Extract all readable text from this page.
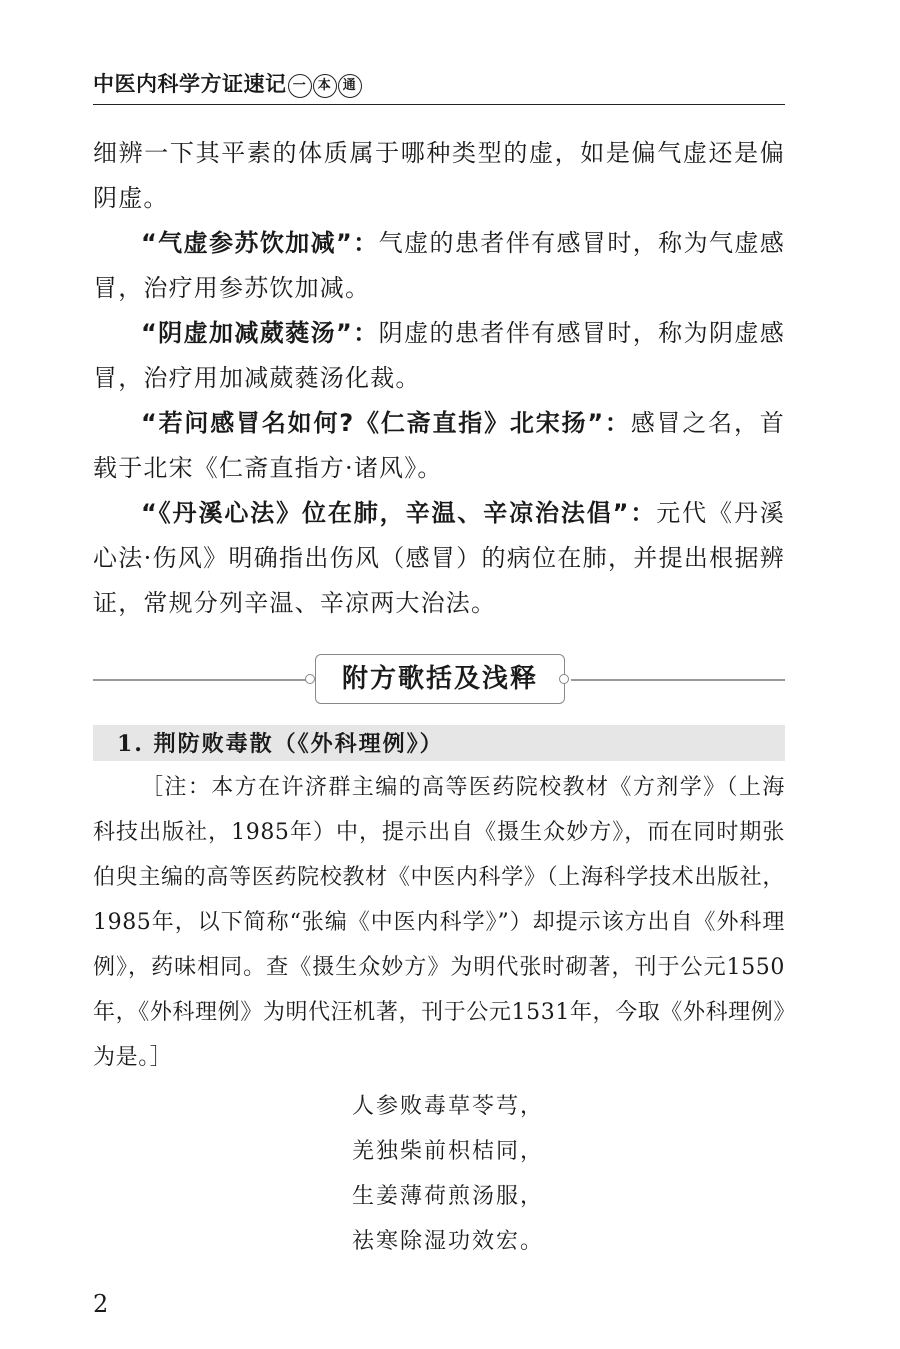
中医内科学方证速记 一 本 通

细辨一下其平素的体质属于哪种类型的虚，如是偏气虚还是偏阴虚。

“气虚参苏饮加减”：气虚的患者伴有感冒时，称为气虚感冒，治疗用参苏饮加减。

“阴虚加减葳蕤汤”：阴虚的患者伴有感冒时，称为阴虚感冒，治疗用加减葳蕤汤化裁。

“若问感冒名如何?《仁斋直指》北宋扬”：感冒之名，首载于北宋《仁斋直指方·诸风》。

“《丹溪心法》位在肺，辛温、辛凉治法倡”：元代《丹溪心法·伤风》明确指出伤风（感冒）的病位在肺，并提出根据辨证，常规分列辛温、辛凉两大治法。

附方歌括及浅释
1. 荆防败毒散（《外科理例》）

［注：本方在许济群主编的高等医药院校教材《方剂学》（上海科技出版社，1985年）中，提示出自《摄生众妙方》，而在同时期张伯臾主编的高等医药院校教材《中医内科学》（上海科学技术出版社，1985年，以下简称“张编《中医内科学》”）却提示该方出自《外科理例》，药味相同。查《摄生众妙方》为明代张时砌著，刊于公元1550年，《外科理例》为明代汪机著，刊于公元1531年，今取《外科理例》为是。］

人参败毒草苓芎，
羌独柴前枳桔同，
生姜薄荷煎汤服，
祛寒除湿功效宏。
2
